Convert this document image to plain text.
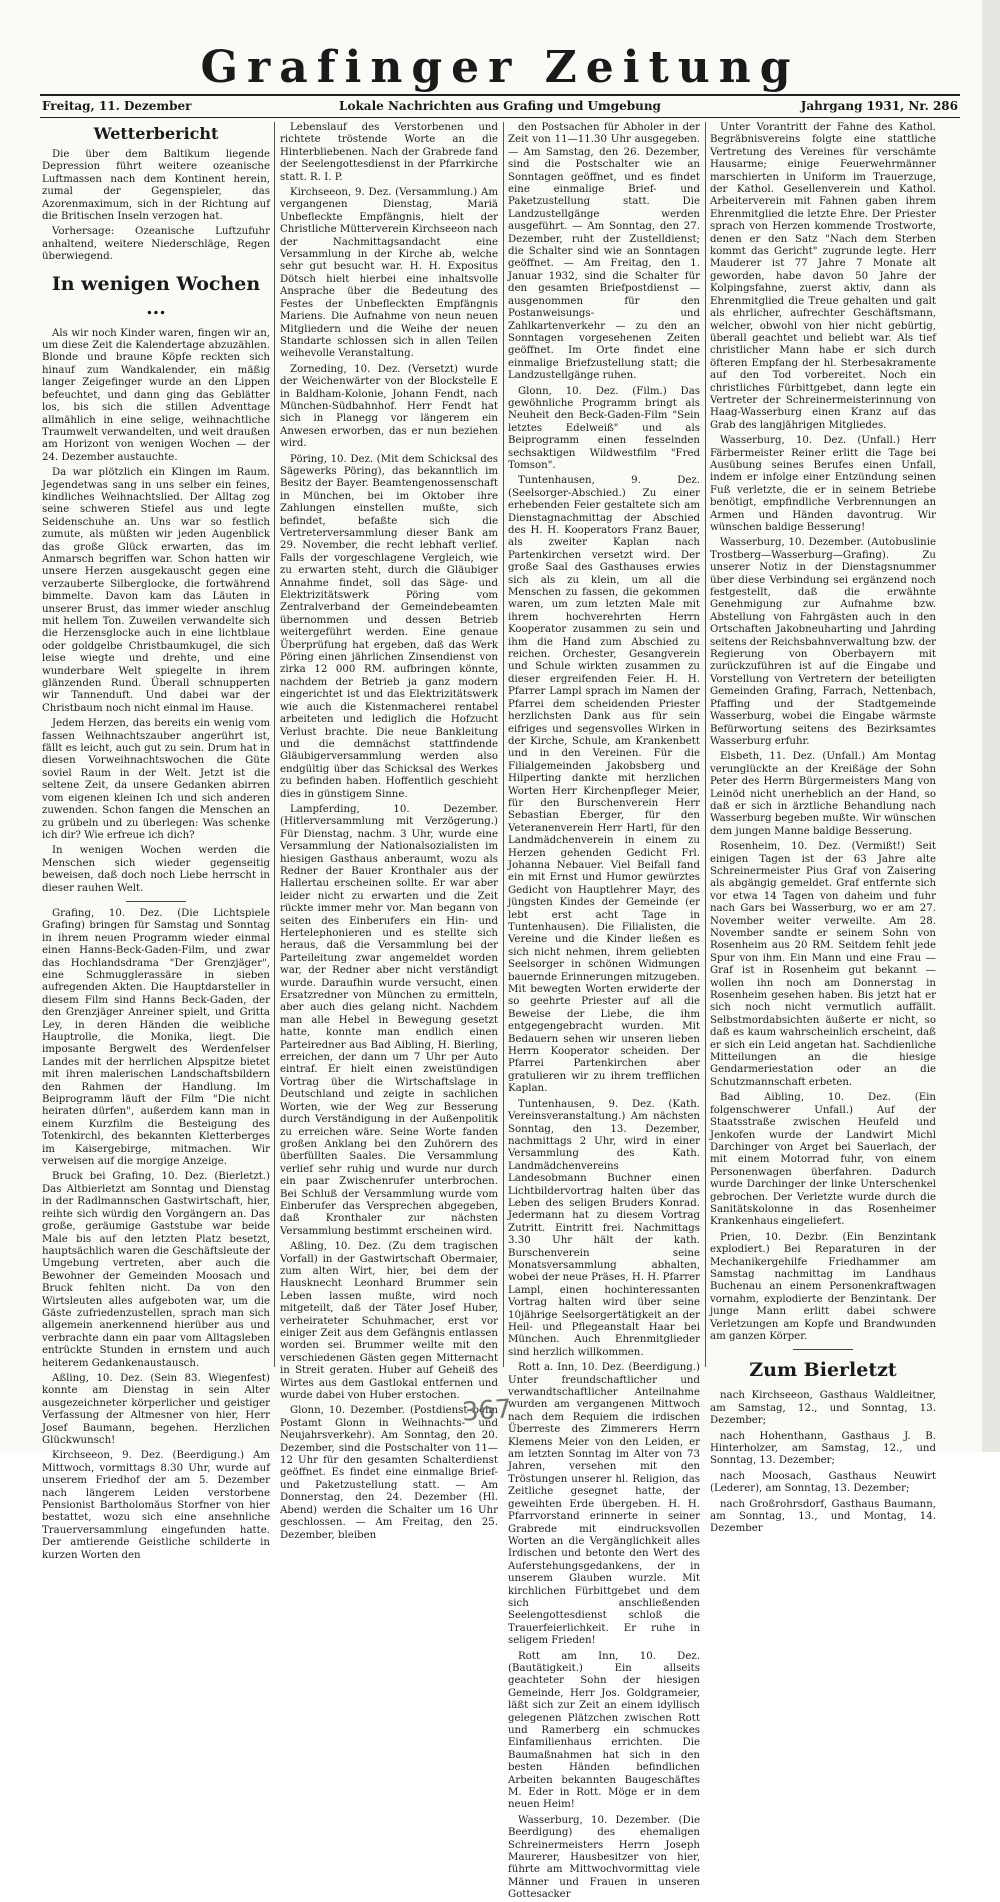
Grafinger Zeitung
Freitag, 11. Dezember	Lokale Nachrichten aus Grafing und Umgebung	Jahrgang 1931, Nr. 286
Wetterbericht

Die über dem Baltikum liegende Depression führt weitere ozeanische Luftmassen nach dem Kontinent herein, zumal der Gegenspieler, das Azorenmaximum, sich in der Richtung auf die Britischen Inseln verzogen hat.

Vorhersage: Ozeanische Luftzufuhr anhaltend, weitere Niederschläge, Regen überwiegend.

In wenigen Wochen ...

Als wir noch Kinder waren, fingen wir an, um diese Zeit die Kalendertage abzuzählen. Blonde und braune Köpfe reckten sich hinauf zum Wandkalender, ein mäßig langer Zeigefinger wurde an den Lippen befeuchtet, und dann ging das Geblätter los, bis sich die stillen Adventtage allmählich in eine selige, weihnachtliche Traumwelt verwandelten, und weit draußen am Horizont von wenigen Wochen — der 24. Dezember austauchte.

Da war plötzlich ein Klingen im Raum. Jegendetwas sang in uns selber ein feines, kindliches Weihnachtslied. Der Alltag zog seine schweren Stiefel aus und legte Seidenschuhe an. Uns war so festlich zumute, als müßten wir jeden Augenblick das große Glück erwarten, das im Anmarsch begriffen war. Schon hatten wir unsere Herzen ausgekauscht gegen eine verzauberte Silberglocke, die fortwährend bimmelte. Davon kam das Läuten in unserer Brust, das immer wieder anschlug mit hellem Ton. Zuweilen verwandelte sich die Herzensglocke auch in eine lichtblaue oder goldgelbe Christbaumkugel, die sich leise wiegte und drehte, und eine wunderbare Welt spiegelte in ihrem glänzenden Rund. Überall schnupperten wir Tannenduft. Und dabei war der Christbaum noch nicht einmal im Hause.

Jedem Herzen, das bereits ein wenig vom fassen Weihnachtszauber angerührt ist, fällt es leicht, auch gut zu sein. Drum hat in diesen Vorweihnachtswochen die Güte soviel Raum in der Welt. Jetzt ist die seltene Zeit, da unsere Gedanken abirren vom eigenen kleinen Ich und sich anderen zuwenden. Schon fangen die Menschen an zu grübeln und zu überlegen: Was schenke ich dir? Wie erfreue ich dich?

In wenigen Wochen werden die Menschen sich wieder gegenseitig beweisen, daß doch noch Liebe herrscht in dieser rauhen Welt.

Grafing, 10. Dez. (Die Lichtspiele Grafing) bringen für Samstag und Sonntag in ihrem neuen Programm wieder einmal einen Hanns-Beck-Gaden-Film, und zwar das Hochlandsdrama "Der Grenzjäger", eine Schmugglerassäre in sieben aufregenden Akten. Die Hauptdarsteller in diesem Film sind Hanns Beck-Gaden, der den Grenzjäger Anreiner spielt, und Gritta Ley, in deren Händen die weibliche Hauptrolle, die Monika, liegt. Die imposante Bergwelt des Werdenfelser Landes mit der herrlichen Alpspitze bietet mit ihren malerischen Landschaftsbildern den Rahmen der Handlung. Im Beiprogramm läuft der Film "Die nicht heiraten dürfen", außerdem kann man in einem Kurzfilm die Besteigung des Totenkirchl, des bekannten Kletterberges im Kaisergebirge, mitmachen. Wir verweisen auf die morgige Anzeige.

Bruck bei Grafing, 10. Dez. (Bierletzt.) Das Altbierletzt am Sonntag und Dienstag in der Radlmannschen Gastwirtschaft, hier, reihte sich würdig den Vorgängern an. Das große, geräumige Gaststube war beide Male bis auf den letzten Platz besetzt, hauptsächlich waren die Geschäftsleute der Umgebung vertreten, aber auch die Bewohner der Gemeinden Moosach und Bruck fehlten nicht. Da von den Wirtsleuten alles aufgeboten war, um die Gäste zufriedenzustellen, sprach man sich allgemein anerkennend hierüber aus und verbrachte dann ein paar vom Alltagsleben entrückte Stunden in ernstem und auch heiterem Gedankenaustausch.

Aßling, 10. Dez. (Sein 83. Wiegenfest) konnte am Dienstag in sein Alter ausgezeichneter körperlicher und geistiger Verfassung der Altmesner von hier, Herr Josef Baumann, begehen. Herzlichen Glückwunsch!

Kirchseeon, 9. Dez. (Beerdigung.) Am Mittwoch, vormittags 8.30 Uhr, wurde auf unserem Friedhof der am 5. Dezember nach längerem Leiden verstorbene Pensionist Bartholomäus Storfner von hier bestattet, wozu sich eine ansehnliche Trauerversammlung eingefunden hatte. Der amtierende Geistliche schilderte in kurzen Worten den

Lebenslauf des Verstorbenen und richtete tröstende Worte an die Hinterbliebenen. Nach der Grabrede fand der Seelengottesdienst in der Pfarrkirche statt. R. I. P.

Kirchseeon, 9. Dez. (Versammlung.) Am vergangenen Dienstag, Mariä Unbefleckte Empfängnis, hielt der Christliche Mütterverein Kirchseeon nach der Nachmittagsandacht eine Versammlung in der Kirche ab, welche sehr gut besucht war. H. H. Expositus Dötsch hielt hierbei eine inhaltsvolle Ansprache über die Bedeutung des Festes der Unbefleckten Empfängnis Mariens. Die Aufnahme von neun neuen Mitgliedern und die Weihe der neuen Standarte schlossen sich in allen Teilen weihevolle Veranstaltung.

Zorneding, 10. Dez. (Versetzt) wurde der Weichenwärter von der Blockstelle E in Baldham-Kolonie, Johann Fendt, nach München-Südbahnhof. Herr Fendt hat sich in Planegg vor längerem ein Anwesen erworben, das er nun beziehen wird.

Pöring, 10. Dez. (Mit dem Schicksal des Sägewerks Pöring), das bekanntlich im Besitz der Bayer. Beamtengenossenschaft in München, bei im Oktober ihre Zahlungen einstellen mußte, sich befindet, befaßte sich die Vertreterversammlung dieser Bank am 29. November, die recht lebhaft verlief. Falls der vorgeschlagene Vergleich, wie zu erwarten steht, durch die Gläubiger Annahme findet, soll das Säge- und Elektrizitätswerk Pöring vom Zentralverband der Gemeindebeamten übernommen und dessen Betrieb weitergeführt werden. Eine genaue Überprüfung hat ergeben, daß das Werk Pöring einen jährlichen Zinsendienst von zirka 12 000 RM. aufbringen könnte, nachdem der Betrieb ja ganz modern eingerichtet ist und das Elektrizitätswerk wie auch die Kistenmacherei rentabel arbeiteten und lediglich die Hofzucht Verlust brachte. Die neue Bankleitung und die demnächst stattfindende Gläubigerversammlung werden also endgültig über das Schicksal des Werkes zu befinden haben. Hoffentlich geschieht dies in günstigem Sinne.

Lampferding, 10. Dezember. (Hitlerversammlung mit Verzögerung.) Für Dienstag, nachm. 3 Uhr, wurde eine Versammlung der Nationalsozialisten im hiesigen Gasthaus anberaumt, wozu als Redner der Bauer Kronthaler aus der Hallertau erscheinen sollte. Er war aber leider nicht zu erwarten und die Zeit rückte immer mehr vor. Man begann von seiten des Einberufers ein Hin- und Hertelephonieren und es stellte sich heraus, daß die Versammlung bei der Parteileitung zwar angemeldet worden war, der Redner aber nicht verständigt wurde. Daraufhin wurde versucht, einen Ersatzredner von München zu ermitteln, aber auch dies gelang nicht. Nachdem man alle Hebel in Bewegung gesetzt hatte, konnte man endlich einen Parteiredner aus Bad Aibling, H. Bierling, erreichen, der dann um 7 Uhr per Auto eintraf. Er hielt einen zweistündigen Vortrag über die Wirtschaftslage in Deutschland und zeigte in sachlichen Worten, wie der Weg zur Besserung durch Verständigung in der Außenpolitik zu erreichen wäre. Seine Worte fanden großen Anklang bei den Zuhörern des überfüllten Saales. Die Versammlung verlief sehr ruhig und wurde nur durch ein paar Zwischenrufer unterbrochen. Bei Schluß der Versammlung wurde vom Einberufer das Versprechen abgegeben, daß Kronthaler zur nächsten Versammlung bestimmt erscheinen wird.

Aßling, 10. Dez. (Zu dem tragischen Vorfall) in der Gastwirtschaft Obermaier, zum alten Wirt, hier, bei dem der Hausknecht Leonhard Brummer sein Leben lassen mußte, wird noch mitgeteilt, daß der Täter Josef Huber, verheirateter Schuhmacher, erst vor einiger Zeit aus dem Gefängnis entlassen worden sei. Brummer weilte mit den verschiedenen Gästen gegen Mitternacht in Streit geraten. Huber auf Geheiß des Wirtes aus dem Gastlokal entfernen und wurde dabei von Huber erstochen.

Glonn, 10. Dezember. (Postdienst beim Postamt Glonn in Weihnachts- und Neujahrsverkehr). Am Sonntag, den 20. Dezember, sind die Postschalter von 11—12 Uhr für den gesamten Schalterdienst geöffnet. Es findet eine einmalige Brief- und Paketzustellung statt. — Am Donnerstag, den 24. Dezember (Hl. Abend) werden die Schalter um 16 Uhr geschlossen. — Am Freitag, den 25. Dezember, bleiben

den Postsachen für Abholer in der Zeit von 11—11.30 Uhr ausgegeben. — Am Samstag, den 26. Dezember, sind die Postschalter wie an Sonntagen geöffnet, und es findet eine einmalige Brief- und Paketzustellung statt. Die Landzustellgänge werden ausgeführt. — Am Sonntag, den 27. Dezember, ruht der Zustelldienst; die Schalter sind wie an Sonntagen geöffnet. — Am Freitag, den 1. Januar 1932, sind die Schalter für den gesamten Briefpostdienst — ausgenommen für den Postanweisungs- und Zahlkartenverkehr — zu den an Sonntagen vorgesehenen Zeiten geöffnet. Im Orte findet eine einmalige Briefzustellung statt; die Landzustellgänge ruhen.

Glonn, 10. Dez. (Film.) Das gewöhnliche Programm bringt als Neuheit den Beck-Gaden-Film "Sein letztes Edelweiß" und als Beiprogramm einen fesselnden sechsaktigen Wildwestfilm "Fred Tomson".

Tuntenhausen, 9. Dez. (Seelsorger-Abschied.) Zu einer erhebenden Feier gestaltete sich am Dienstagnachmittag der Abschied des H. H. Kooperators Franz Bauer, als zweiter Kaplan nach Partenkirchen versetzt wird. Der große Saal des Gasthauses erwies sich als zu klein, um all die Menschen zu fassen, die gekommen waren, um zum letzten Male mit ihrem hochverehrten Herrn Kooperator zusammen zu sein und ihm die Hand zum Abschied zu reichen. Orchester, Gesangverein und Schule wirkten zusammen zu dieser ergreifenden Feier. H. H. Pfarrer Lampl sprach im Namen der Pfarrei dem scheidenden Priester herzlichsten Dank aus für sein eifriges und segensvolles Wirken in der Kirche, Schule, am Krankenbett und in den Vereinen. Für die Filialgemeinden Jakobsberg und Hilperting dankte mit herzlichen Worten Herr Kirchenpfleger Meier, für den Burschenverein Herr Sebastian Eberger, für den Veteranenverein Herr Hartl, für den Landmädchenverein in einem zu Herzen gehenden Gedicht Frl. Johanna Nebauer. Viel Beifall fand ein mit Ernst und Humor gewürztes Gedicht von Hauptlehrer Mayr, des jüngsten Kindes der Gemeinde (er lebt erst acht Tage in Tuntenhausen). Die Filialisten, die Vereine und die Kinder ließen es sich nicht nehmen, ihrem geliebten Seelsorger in schönen Widmungen bauernde Erinnerungen mitzugeben. Mit bewegten Worten erwiderte der so geehrte Priester auf all die Beweise der Liebe, die ihm entgegengebracht wurden. Mit Bedauern sehen wir unseren lieben Herrn Kooperator scheiden. Der Pfarrei Partenkirchen aber gratulieren wir zu ihrem trefflichen Kaplan.

Tuntenhausen, 9. Dez. (Kath. Vereinsveranstaltung.) Am nächsten Sonntag, den 13. Dezember, nachmittags 2 Uhr, wird in einer Versammlung des Kath. Landmädchenvereins Landesobmann Buchner einen Lichtbildervortrag halten über das Leben des seligen Bruders Konrad. Jedermann hat zu diesem Vortrag Zutritt. Eintritt frei. Nachmittags 3.30 Uhr hält der kath. Burschenverein seine Monatsversammlung abhalten, wobei der neue Präses, H. H. Pfarrer Lampl, einen hochinteressanten Vortrag halten wird über seine 10jährige Seelsorgertätigkeit an der Heil- und Pflegeanstalt Haar bei München. Auch Ehrenmitglieder sind herzlich willkommen.

Rott a. Inn, 10. Dez. (Beerdigung.) Unter freundschaftlicher und verwandtschaftlicher Anteilnahme wurden am vergangenen Mittwoch nach dem Requiem die irdischen Überreste des Zimmerers Herrn Klemens Meier von den Leiden, er am letzten Sonntag im Alter von 73 Jahren, versehen mit den Tröstungen unserer hl. Religion, das Zeitliche gesegnet hatte, der geweihten Erde übergeben. H. H. Pfarrvorstand erinnerte in seiner Grabrede mit eindrucksvollen Worten an die Vergänglichkeit alles Irdischen und betonte den Wert des Auferstehungsgedankens, der in unserem Glauben wurzle. Mit kirchlichen Fürbittgebet und dem sich anschließenden Seelengottesdienst schloß die Trauerfeierlichkeit. Er ruhe in seligem Frieden!

Rott am Inn, 10. Dez. (Bautätigkeit.) Ein allseits geachteter Sohn der hiesigen Gemeinde, Herr Jos. Goldgrameier, läßt sich zur Zeit an einem idyllisch gelegenen Plätzchen zwischen Rott und Ramerberg ein schmuckes Einfamilienhaus errichten. Die Baumaßnahmen hat sich in den besten Händen befindlichen Arbeiten bekannten Baugeschäftes M. Eder in Rott. Möge er in dem neuen Heim!

Wasserburg, 10. Dezember. (Die Beerdigung) des ehemaligen Schreinermeisters Herrn Joseph Maurerer, Hausbesitzer von hier, führte am Mittwochvormittag viele Männer und Frauen in unseren Gottesacker

Unter Vorantritt der Fahne des Kathol. Begräbnisvereins folgte eine stattliche Vertretung des Vereines für verschämte Hausarme; einige Feuerwehrmänner marschierten in Uniform im Trauerzuge, der Kathol. Gesellenverein und Kathol. Arbeiterverein mit Fahnen gaben ihrem Ehrenmitglied die letzte Ehre. Der Priester sprach von Herzen kommende Trostworte, denen er den Satz "Nach dem Sterben kommt das Gericht" zugrunde legte. Herr Mauderer ist 77 Jahre 7 Monate alt geworden, habe davon 50 Jahre der Kolpingsfahne, zuerst aktiv, dann als Ehrenmitglied die Treue gehalten und galt als ehrlicher, aufrechter Geschäftsmann, welcher, obwohl von hier nicht gebürtig, überall geachtet und beliebt war. Als tief christlicher Mann habe er sich durch öfteren Empfang der hl. Sterbesakramente auf den Tod vorbereitet. Noch ein christliches Fürbittgebet, dann legte ein Vertreter der Schreinermeisterinnung von Haag-Wasserburg einen Kranz auf das Grab des langjährigen Mitgliedes.

Wasserburg, 10. Dez. (Unfall.) Herr Färbermeister Reiner erlitt die Tage bei Ausübung seines Berufes einen Unfall, indem er infolge einer Entzündung seinen Fuß verletzte, die er in seinem Betriebe benötigt, empfindliche Verbrennungen an Armen und Händen davontrug. Wir wünschen baldige Besserung!

Wasserburg, 10. Dezember. (Autobuslinie Trostberg—Wasserburg—Grafing). Zu unserer Notiz in der Dienstagsnummer über diese Verbindung sei ergänzend noch festgestellt, daß die erwähnte Genehmigung zur Aufnahme bzw. Abstellung von Fahrgästen auch in den Ortschaften Jakobneuharting und Jahrding seitens der Reichsbahnverwaltung bzw. der Regierung von Oberbayern mit zurückzuführen ist auf die Eingabe und Vorstellung von Vertretern der beteiligten Gemeinden Grafing, Farrach, Nettenbach, Pfaffing und der Stadtgemeinde Wasserburg, wobei die Eingabe wärmste Befürwortung seitens des Bezirksamtes Wasserburg erfuhr.

Elsbeth, 11. Dez. (Unfall.) Am Montag verunglückte an der Kreißäge der Sohn Peter des Herrn Bürgermeisters Mang von Leinöd nicht unerheblich an der Hand, so daß er sich in ärztliche Behandlung nach Wasserburg begeben mußte. Wir wünschen dem jungen Manne baldige Besserung.

Rosenheim, 10. Dez. (Vermißt!) Seit einigen Tagen ist der 63 Jahre alte Schreinermeister Pius Graf von Zaisering als abgängig gemeldet. Graf entfernte sich vor etwa 14 Tagen von daheim und fuhr nach Gars bei Wasserburg, wo er am 27. November weiter verweilte. Am 28. November sandte er seinem Sohn von Rosenheim aus 20 RM. Seitdem fehlt jede Spur von ihm. Ein Mann und eine Frau — Graf ist in Rosenheim gut bekannt — wollen ihn noch am Donnerstag in Rosenheim gesehen haben. Bis jetzt hat er sich noch nicht vermutlich auffällt. Selbstmordabsichten äußerte er nicht, so daß es kaum wahrscheinlich erscheint, daß er sich ein Leid angetan hat. Sachdienliche Mitteilungen an die hiesige Gendarmeriestation oder an die Schutzmannschaft erbeten.

Bad Aibling, 10. Dez. (Ein folgenschwerer Unfall.) Auf der Staatsstraße zwischen Heufeld und Jenkofen wurde der Landwirt Michl Darchinger von Arget bei Sauerlach, der mit einem Motorrad fuhr, von einem Personenwagen überfahren. Dadurch wurde Darchinger der linke Unterschenkel gebrochen. Der Verletzte wurde durch die Sanitätskolonne in das Rosenheimer Krankenhaus eingeliefert.

Prien, 10. Dezbr. (Ein Benzintank explodiert.) Bei Reparaturen in der Mechanikergehilfe Friedhammer am Samstag nachmittag im Landhaus Buchenau an einem Personenkraftwagen vornahm, explodierte der Benzintank. Der junge Mann erlitt dabei schwere Verletzungen am Kopfe und Brandwunden am ganzen Körper.

Zum Bierletzt

nach Kirchseeon, Gasthaus Waldleitner, am Samstag, 12., und Sonntag, 13. Dezember;

nach Hohenthann, Gasthaus J. B. Hinterholzer, am Samstag, 12., und Sonntag, 13. Dezember;

nach Moosach, Gasthaus Neuwirt (Lederer), am Sonntag, 13. Dezember;

nach Großrohrsdorf, Gasthaus Baumann, am Sonntag, 13., und Montag, 14. Dezember

367
